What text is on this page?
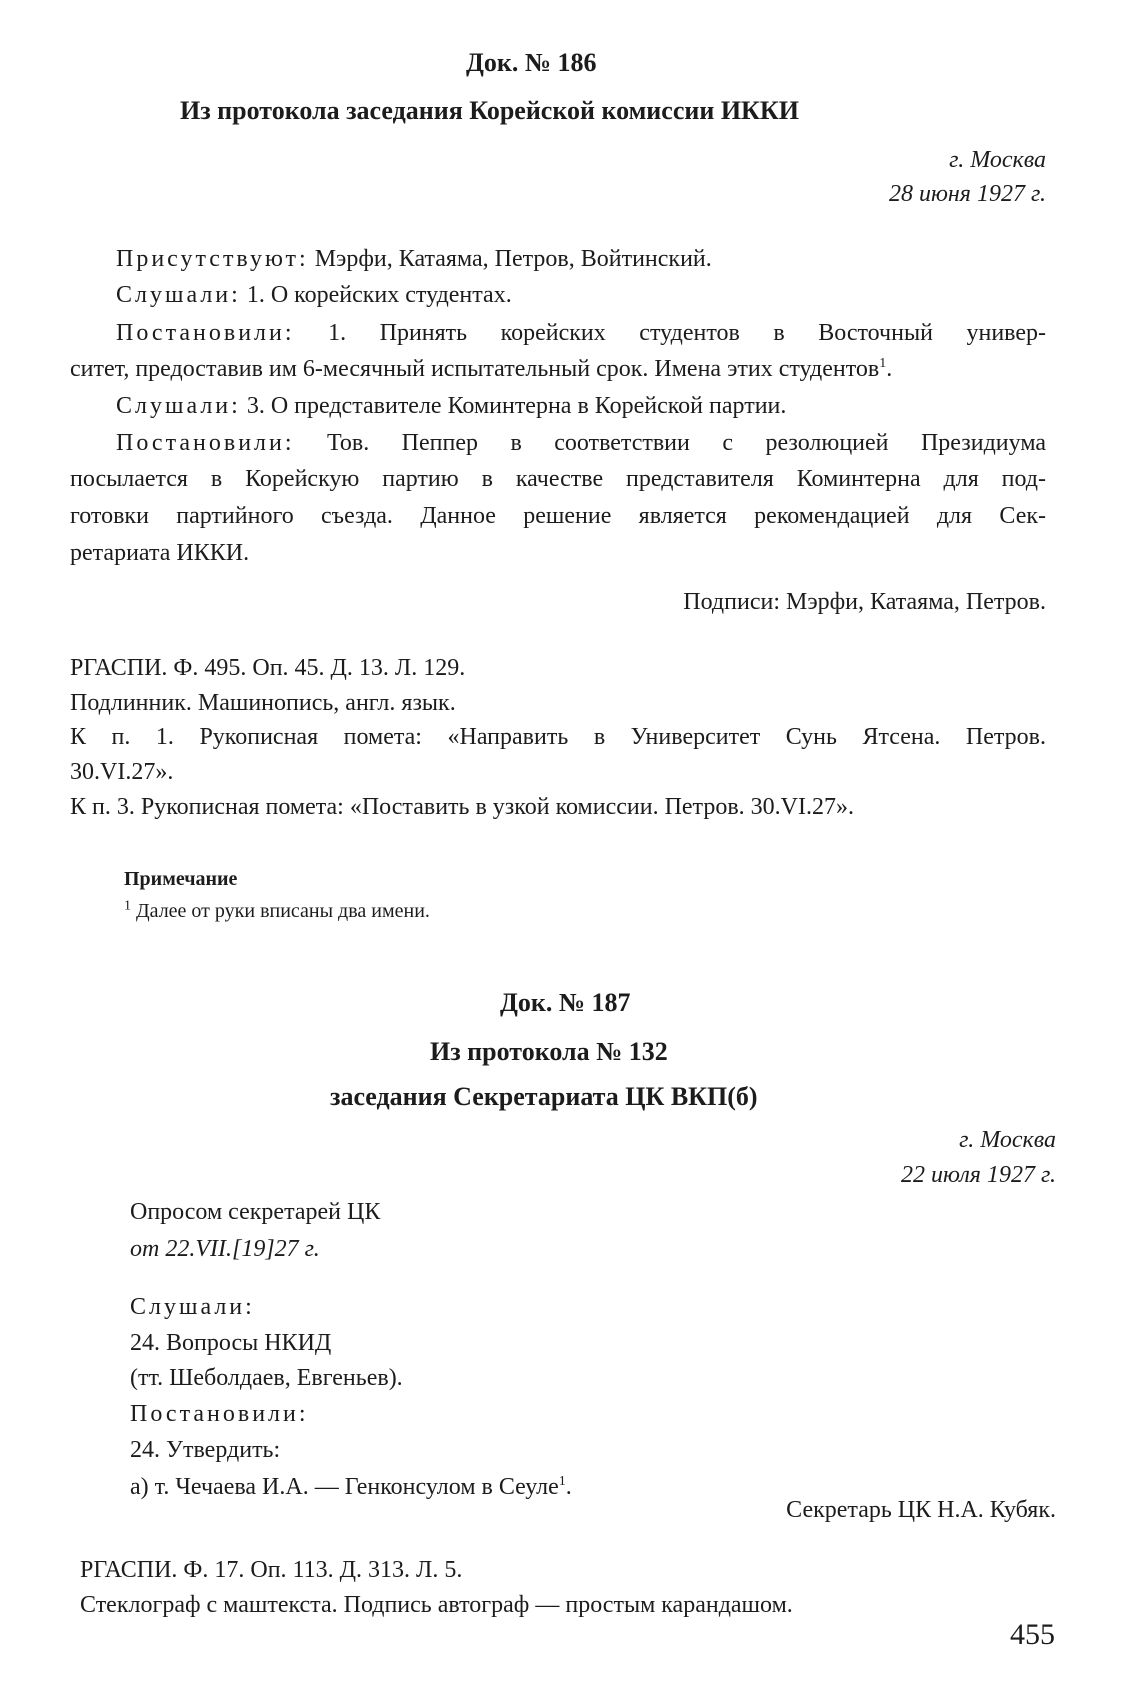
Док. № 186
Из протокола заседания Корейской комиссии ИККИ
г. Москва
28 июня 1927 г.
Присутствуют: Мэрфи, Катаяма, Петров, Войтинский.
Слушали: 1. О корейских студентах.
Постановили: 1. Принять корейских студентов в Восточный универ-
ситет, предоставив им 6-месячный испытательный срок. Имена этих студентов$^1$.
Слушали: 3. О представителе Коминтерна в Корейской партии.
Постановили: Тов. Пеппер в соответствии с резолюцией Президиума
посылается в Корейскую партию в качестве представителя Коминтерна для под-
готовки партийного съезда. Данное решение является рекомендацией для Сек-
ретариата ИККИ.
Подписи: Мэрфи, Катаяма, Петров.
РГАСПИ. Ф. 495. Оп. 45. Д. 13. Л. 129.
Подлинник. Машинопись, англ. язык.
К п. 1. Рукописная помета: «Направить в Университет Сунь Ятсена. Петров.
30.VI.27».
К п. 3. Рукописная помета: «Поставить в узкой комиссии. Петров. 30.VI.27».
Примечание
$^1$ Далее от руки вписаны два имени.
Док. № 187
Из протокола № 132
заседания Секретариата ЦК ВКП(б)
г. Москва
22 июля 1927 г.
Опросом секретарей ЦК
от 22.VII.[19]27 г.
Слушали:
24. Вопросы НКИД
(тт. Шеболдаев, Евгеньев).
Постановили:
24. Утвердить:
а) т. Чечаева И.А. — Генконсулом в Сеуле$^1$.
Секретарь ЦК Н.А. Кубяк.
РГАСПИ. Ф. 17. Оп. 113. Д. 313. Л. 5.
Стеклограф с маштекста. Подпись автограф — простым карандашом.
455
